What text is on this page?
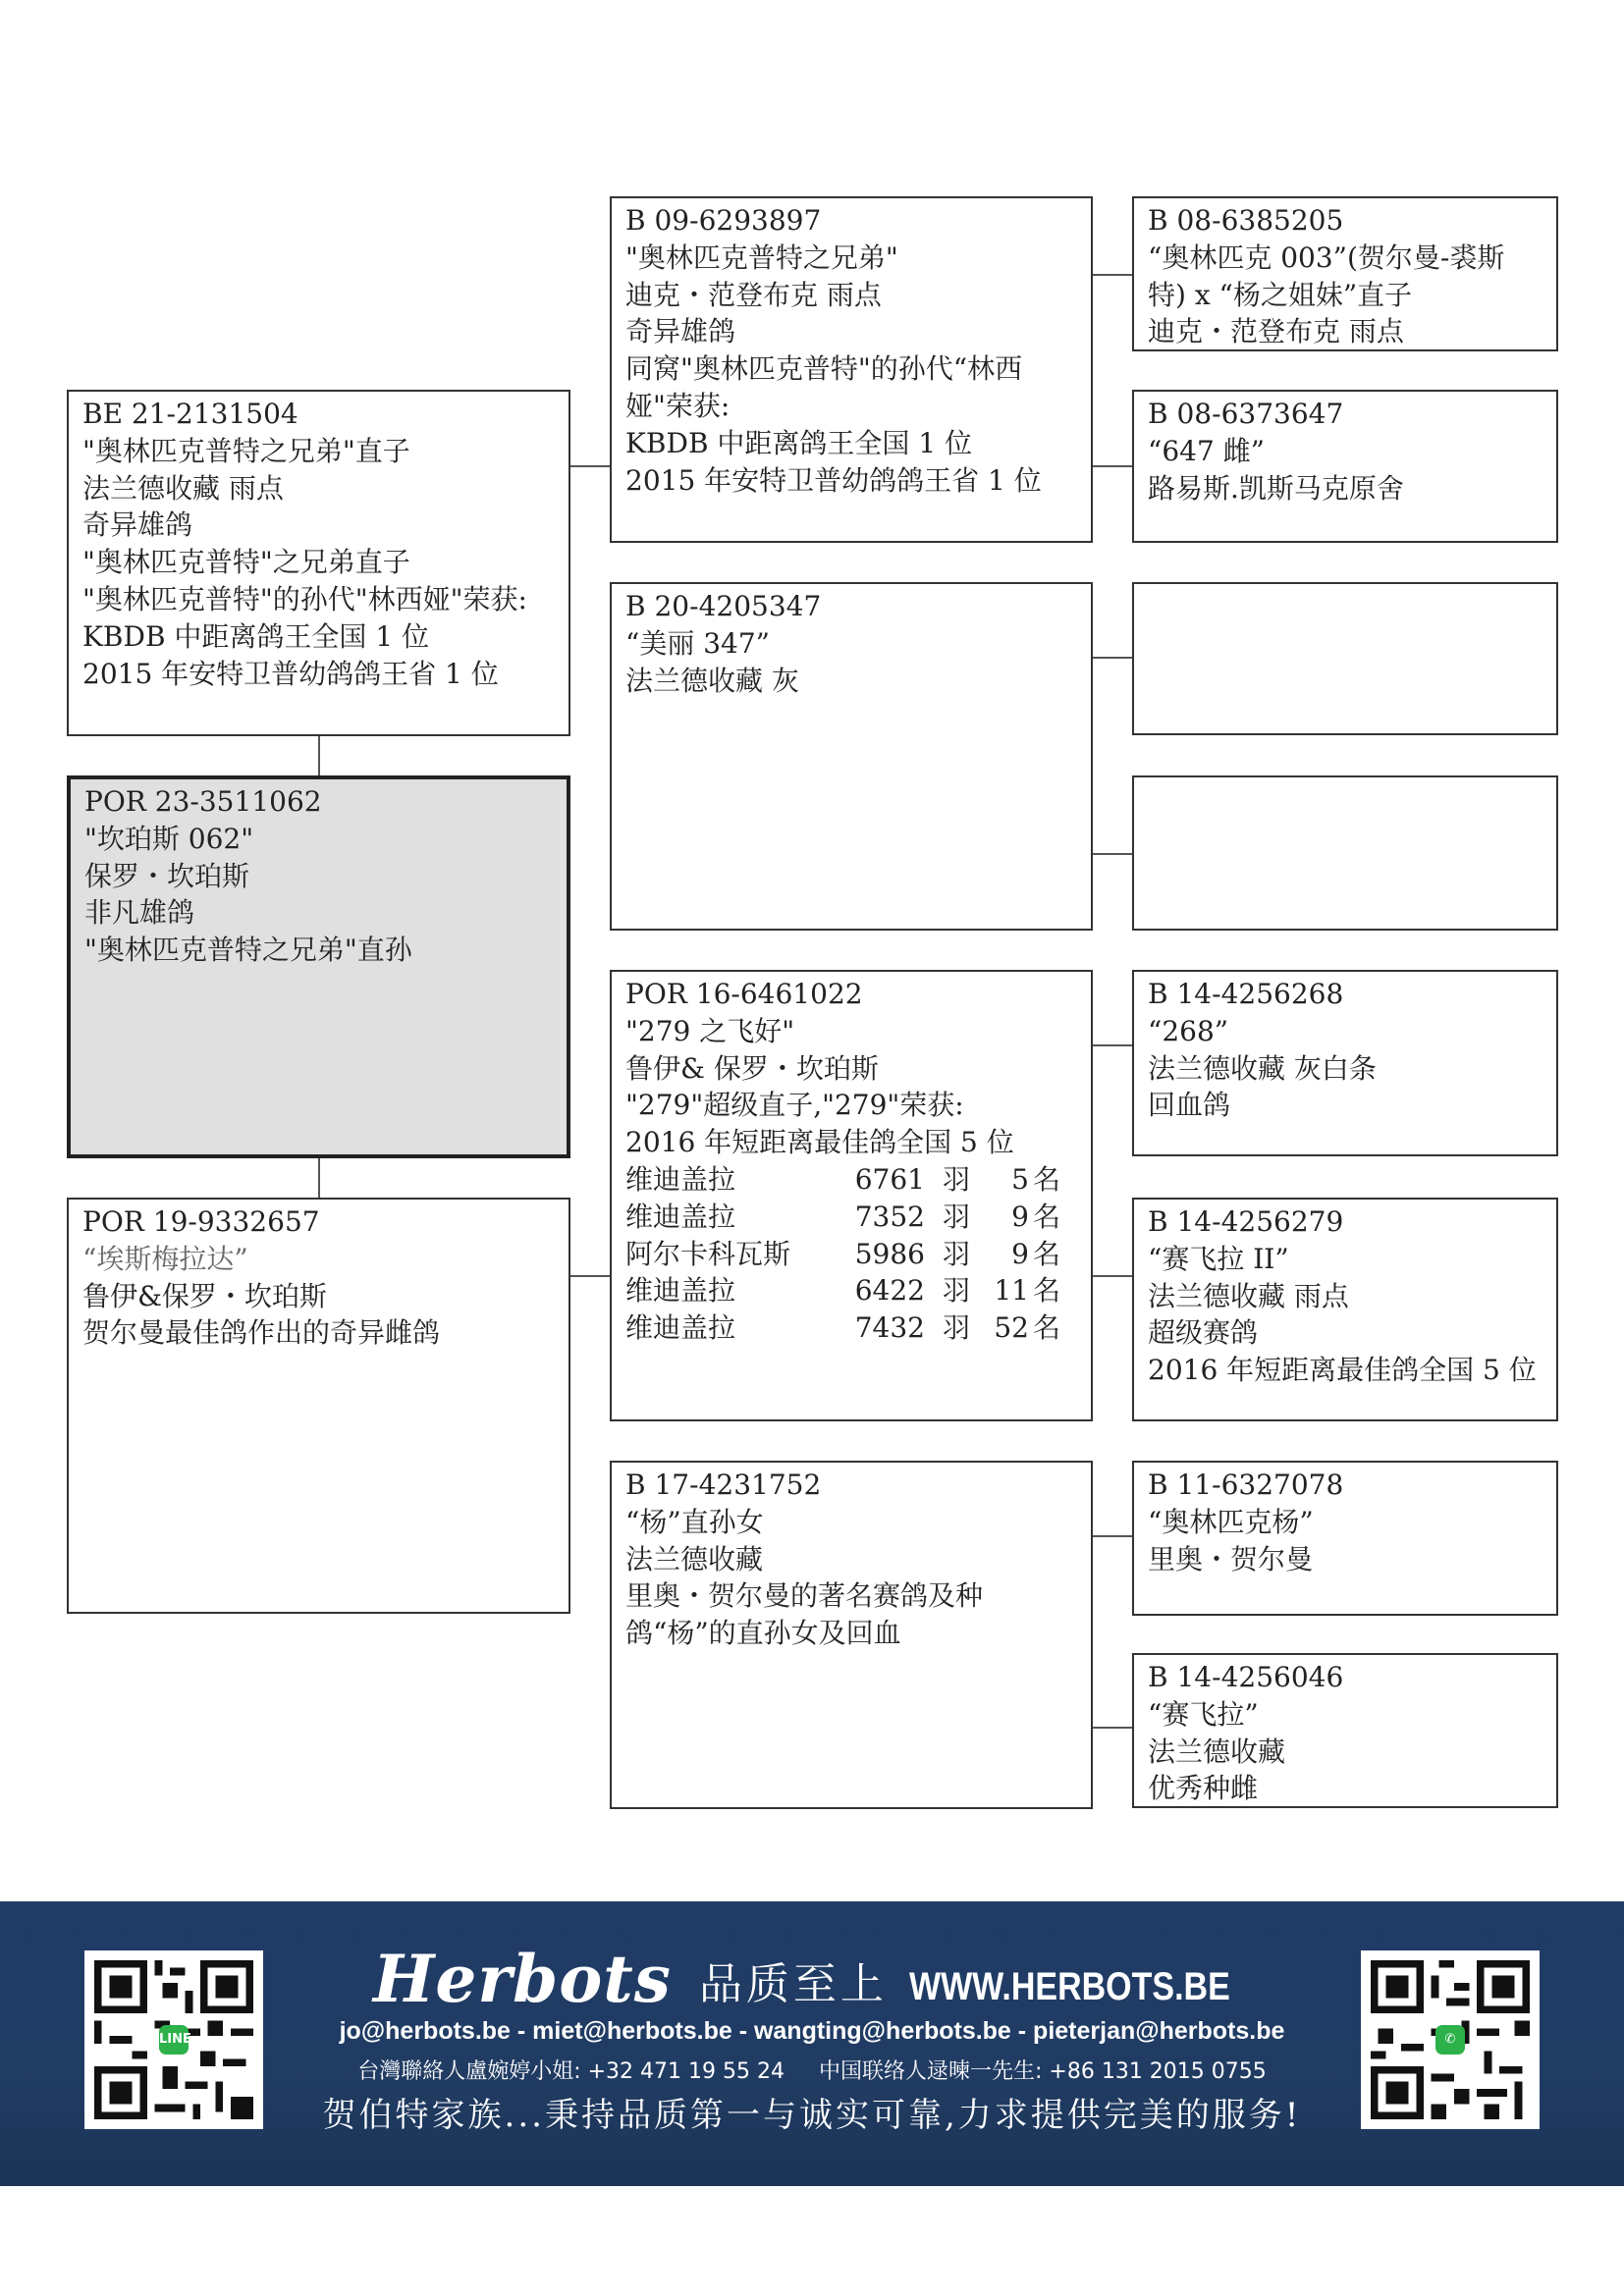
BE 21-2131504
"奥林匹克普特之兄弟"直子
法兰德收藏 雨点
奇异雄鸽
"奥林匹克普特"之兄弟直子
"奥林匹克普特"的孙代"林西娅"荣获:
KBDB 中距离鸽王全国 1 位
2015 年安特卫普幼鸽鸽王省 1 位
POR 23-3511062
"坎珀斯 062"
保罗・坎珀斯
非凡雄鸽
"奥林匹克普特之兄弟"直孙
POR 19-9332657
“埃斯梅拉达”
鲁伊&保罗・坎珀斯
贺尔曼最佳鸽作出的奇异雌鸽
B 09-6293897
"奥林匹克普特之兄弟"
迪克・范登布克 雨点
奇异雄鸽
同窝"奥林匹克普特"的孙代“林西娅"荣获:
KBDB 中距离鸽王全国 1 位
2015 年安特卫普幼鸽鸽王省 1 位
B 20-4205347
“美丽 347”
法兰德收藏 灰
POR 16-6461022
"279 之飞好"
鲁伊& 保罗・坎珀斯
"279"超级直子,"279"荣获:
2016 年短距离最佳鸽全国 5 位
维迪盖拉	6761 羽 5 名
维迪盖拉	7352 羽 9 名
阿尔卡科瓦斯 5986 羽 9 名
维迪盖拉	6422 羽 11 名
维迪盖拉	7432 羽 52 名
B 17-4231752
“杨”直孙女
法兰德收藏
里奥・贺尔曼的著名赛鸽及种鸽“杨”的直孙女及回血
B 08-6385205
“奥林匹克 003”(贺尔曼-裘斯特) x “杨之姐妹”直子
迪克・范登布克 雨点
B 08-6373647
“647 雌”
路易斯.凯斯马克原舍
B 14-4256268
“268”
法兰德收藏 灰白条
回血鸽
B 14-4256279
“赛飞拉 II”
法兰德收藏 雨点
超级赛鸽
2016 年短距离最佳鸽全国 5 位
B 11-6327078
“奥林匹克杨”
里奥・贺尔曼
B 14-4256046
“赛飞拉”
法兰德收藏
优秀种雌
LINE
Herbots 品质至上 WWW.HERBOTS.BE
jo@herbots.be - miet@herbots.be - wangting@herbots.be - pieterjan@herbots.be
台灣聯絡人盧婉婷小姐: +32 471 19 55 24 中国联络人逯暕一先生: +86 131 2015 0755
贺伯特家族...秉持品质第一与诚实可靠,力求提供完美的服务!
✆
